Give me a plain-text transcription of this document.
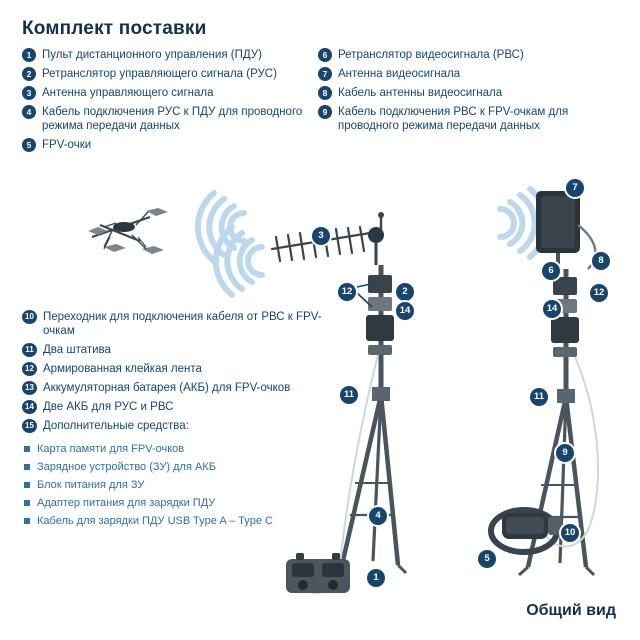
Комплект поставки
1 Пульт дистанционного управления (ПДУ)
2 Ретранслятор управляющего сигнала (РУС)
3 Антенна управляющего сигнала
4 Кабель подключения РУС к ПДУ для проводного режима передачи данных
5 FPV-очки
6 Ретранслятор видеосигнала (РВС)
7 Антенна видеосигнала
8 Кабель антенны видеосигнала
9 Кабель подключения РВС к FPV-очкам для проводного режима передачи данных
10 Переходник для подключения кабеля от РВС к FPV-очкам
11 Два штатива
12 Армированная клейкая лента
13 Аккумуляторная батарея (АКБ) для FPV-очков
14 Две АКБ для РУС и РВС
15 Дополнительные средства:
Карта памяти для FPV-очков
Зарядное устройство (ЗУ) для АКБ
Блок питания для ЗУ
Адаптер питания для зарядки ПДУ
Кабель для зарядки ПДУ USB Type A – Type C
3
2
12
14
11
4
1
7
8
6
12
14
11
9
10
5
Общий вид
